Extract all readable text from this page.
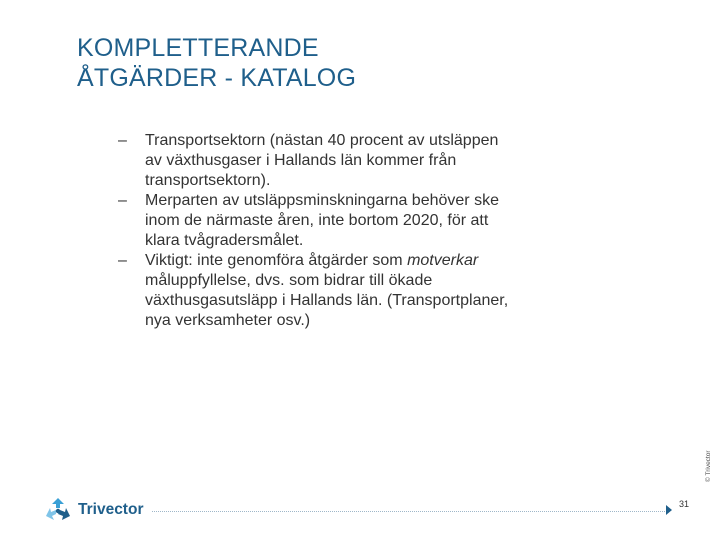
KOMPLETTERANDE
ÅTGÄRDER - KATALOG
–	Transportsektorn (nästan 40 procent av utsläppen av växthusgaser i Hallands län kommer från transportsektorn).
–	Merparten av utsläppsminskningarna behöver ske inom de närmaste åren, inte bortom 2020, för att klara tvågradersmålet.
–	Viktigt: inte genomföra åtgärder som motverkar måluppfyllelse, dvs. som bidrar till ökade växthusgasutsläpp i Hallands län. (Transportplaner, nya verksamheter osv.)
© Trivector
Trivector	31
